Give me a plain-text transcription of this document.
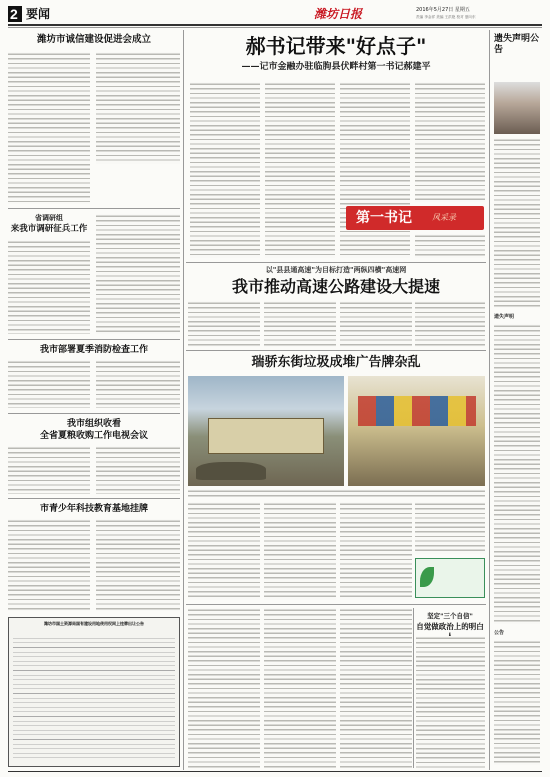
2 要闻	潍坊日报	2016年5月27日 星期五
责编 李金祥 美编 王洪艳 校对 夏向东
潍坊市诚信建设促进会成立
省调研组
来我市调研征兵工作
我市部署夏季消防检查工作
我市组织收看
全省夏粮收购工作电视会议
市青少年科技教育基地挂牌
潍坊市国土资源局国有建设用地使用权网上挂牌出让公告
郝书记带来"好点子"
——记市金融办驻临朐县伏畔村第一书记郝建平
第一书记	风采录
遗失声明公告
遗失声明
公告
以"县县通高速"为目标打造"两纵四横"高速网
我市推动高速公路建设大提速
瑞骄东街垃圾成堆广告牌杂乱
坚定"三个自信"
自觉做政治上的明白
